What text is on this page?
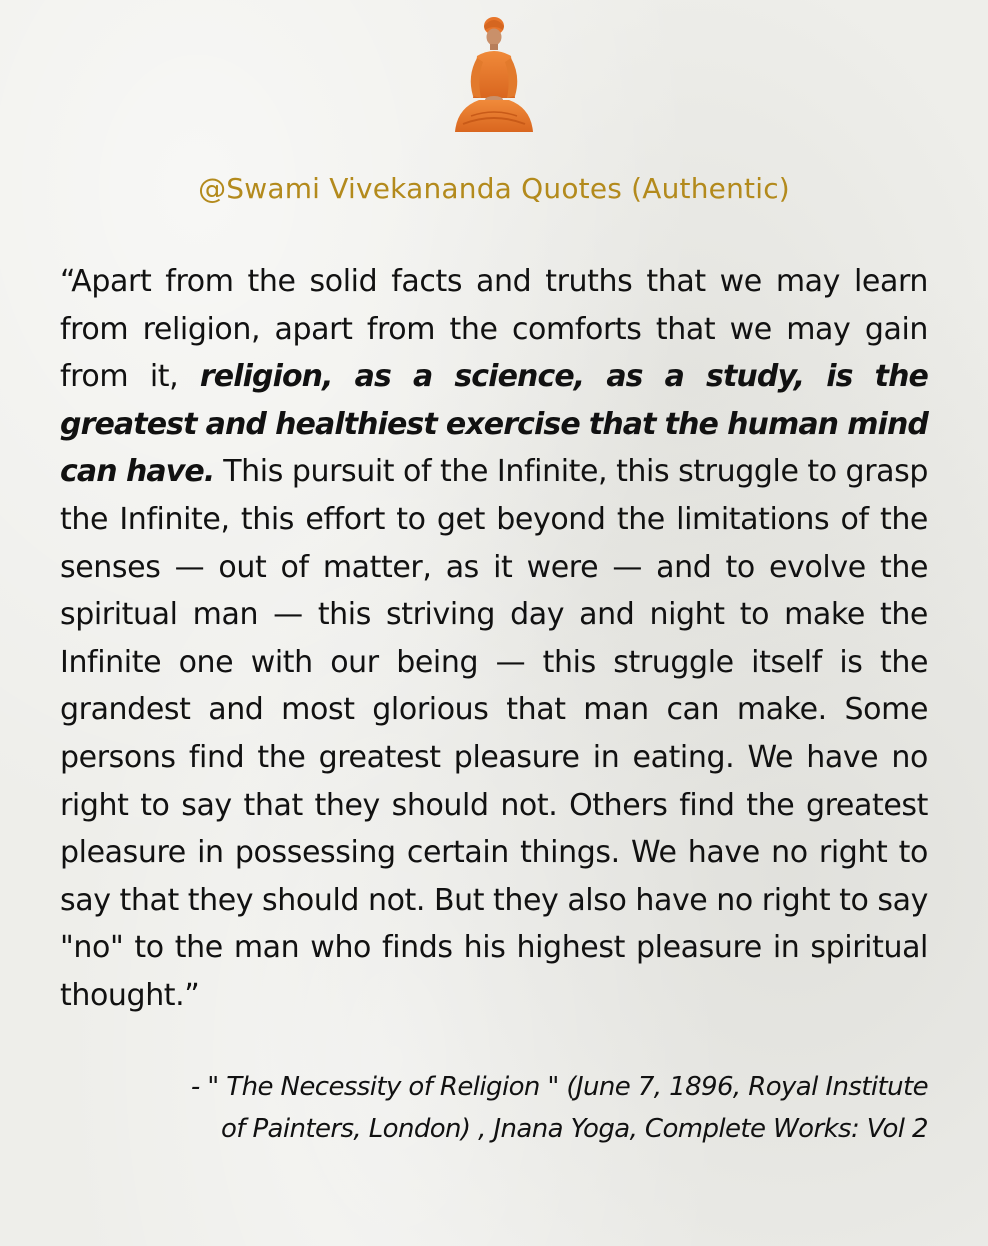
@Swami Vivekananda Quotes (Authentic)

“Apart from the solid facts and truths that we may learn from religion, apart from the comforts that we may gain from it, religion, as a science, as a study, is the greatest and healthiest exercise that the human mind can have. This pursuit of the Infinite, this struggle to grasp the Infinite, this effort to get beyond the limitations of the senses — out of matter, as it were — and to evolve the spiritual man — this striving day and night to make the Infinite one with our being — this struggle itself is the grandest and most glorious that man can make. Some persons find the greatest pleasure in eating. We have no right to say that they should not. Others find the greatest pleasure in possessing certain things. We have no right to say that they should not. But they also have no right to say "no" to the man who finds his highest pleasure in spiritual thought.”

- " The Necessity of Religion " (June 7, 1896, Royal Institute
of Painters, London) , Jnana Yoga, Complete Works: Vol 2
